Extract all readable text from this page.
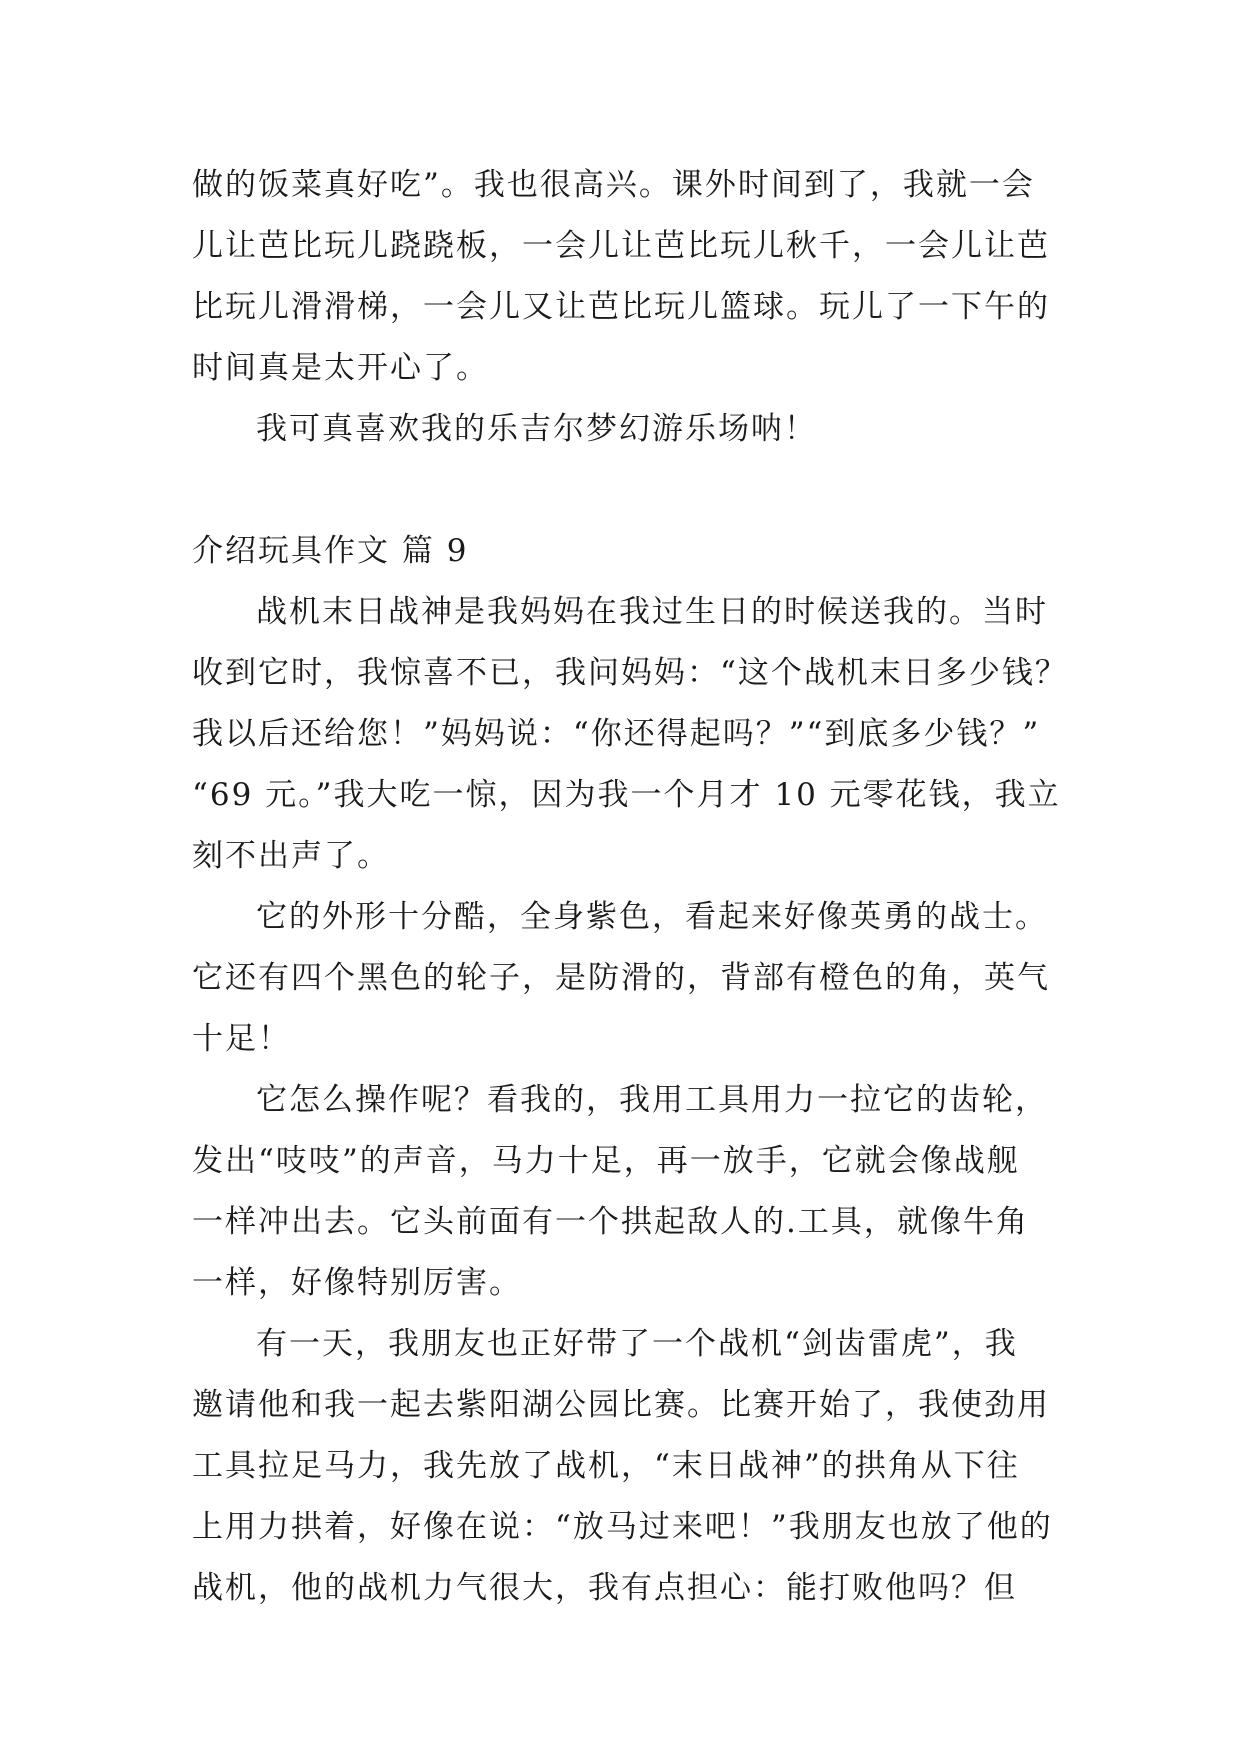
做的饭菜真好吃”。我也很高兴。课外时间到了，我就一会
儿让芭比玩儿跷跷板，一会儿让芭比玩儿秋千，一会儿让芭
比玩儿滑滑梯，一会儿又让芭比玩儿篮球。玩儿了一下午的
时间真是太开心了。
我可真喜欢我的乐吉尔梦幻游乐场呐！
介绍玩具作文 篇 9
战机末日战神是我妈妈在我过生日的时候送我的。当时
收到它时，我惊喜不已，我问妈妈：“这个战机末日多少钱？
我以后还给您！”妈妈说：“你还得起吗？”“到底多少钱？”
“69 元。”我大吃一惊，因为我一个月才 10 元零花钱，我立
刻不出声了。
它的外形十分酷，全身紫色，看起来好像英勇的战士。
它还有四个黑色的轮子，是防滑的，背部有橙色的角，英气
十足！
它怎么操作呢？看我的，我用工具用力一拉它的齿轮，
发出“吱吱”的声音，马力十足，再一放手，它就会像战舰
一样冲出去。它头前面有一个拱起敌人的.工具，就像牛角
一样，好像特别厉害。
有一天，我朋友也正好带了一个战机“剑齿雷虎”，我
邀请他和我一起去紫阳湖公园比赛。比赛开始了，我使劲用
工具拉足马力，我先放了战机，“末日战神”的拱角从下往
上用力拱着，好像在说：“放马过来吧！”我朋友也放了他的
战机，他的战机力气很大，我有点担心：能打败他吗？但
